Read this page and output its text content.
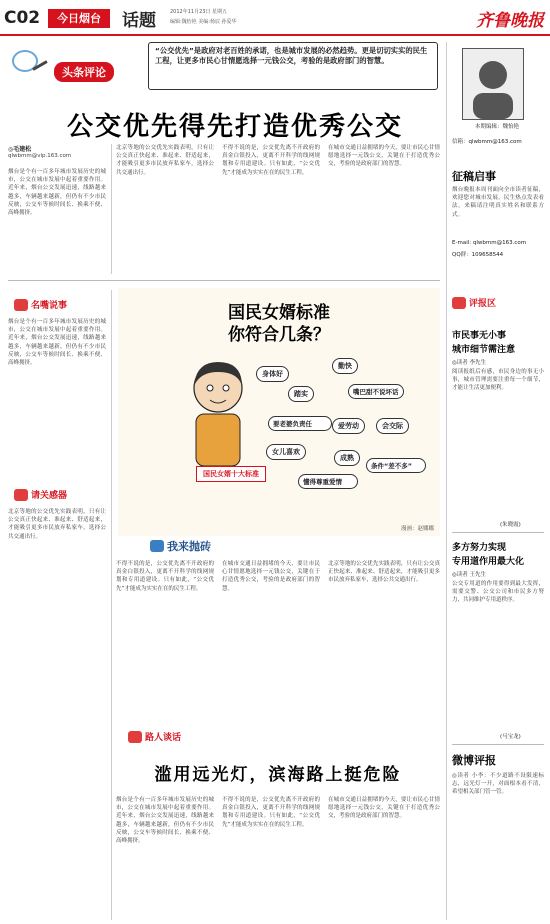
C02	今日烟台	话题	2012年11月23日 星期五
编辑:魏怡艳 美编:杨辰 孙爱华	齐鲁晚报
头条评论
“公交优先”是政府对老百姓的承诺，也是城市发展的必然趋势。更是切切实实的民生工程，让更多市民心甘情愿选择一元钱公交，考验的是政府部门的智慧。
公交优先得先打造优秀公交
◎毛建松
qlwbmm@vip.163.com
烟台是个有一百多年城市发展历史的城市，公交在城市发展中起着重要作用。近年来，烟台公交发展迅速，线路越来越多，车辆越来越新，但仍有不少市民反映，公交车等候时间长、换乘不便、高峰拥挤。
北京等地的公交优先实践表明，只有让公交真正快起来、准起来、舒适起来，才能吸引更多市民放弃私家车，选择公共交通出行。
不得不说的是，公交优先离不开政府的真金白银投入，更离不开科学的线网规划和专用道建设。只有如此，“公交优先”才能成为实实在在的民生工程。
在城市交通日益拥堵的今天，要让市民心甘情愿地选择一元钱公交，关键在于打造优秀公交，考验的是政府部门的智慧。
名嘴说事
烟台是个有一百多年城市发展历史的城市，公交在城市发展中起着重要作用。近年来，烟台公交发展迅速，线路越来越多，车辆越来越新，但仍有不少市民反映，公交车等候时间长、换乘不便、高峰拥挤。
请关感器
北京等地的公交优先实践表明，只有让公交真正快起来、准起来、舒适起来，才能吸引更多市民放弃私家车，选择公共交通出行。
国民女婿标准
你符合几条？
身体好
踏实
勤快
嘴巴甜不说坏话
要老婆负责任	爱劳动
女儿喜欢
成熟
会交际
条件“差不多”
懂得尊重爱情
国民女婿十大标准
漫画：赵娜娜
我来抛砖
不得不说的是，公交优先离不开政府的真金白银投入，更离不开科学的线网规划和专用道建设。只有如此，“公交优先”才能成为实实在在的民生工程。
在城市交通日益拥堵的今天，要让市民心甘情愿地选择一元钱公交，关键在于打造优秀公交，考验的是政府部门的智慧。
北京等地的公交优先实践表明，只有让公交真正快起来、准起来、舒适起来，才能吸引更多市民放弃私家车，选择公共交通出行。
路人谈话
滥用远光灯，滨海路上挺危险
烟台是个有一百多年城市发展历史的城市，公交在城市发展中起着重要作用。近年来，烟台公交发展迅速，线路越来越多，车辆越来越新，但仍有不少市民反映，公交车等候时间长、换乘不便、高峰拥挤。
不得不说的是，公交优先离不开政府的真金白银投入，更离不开科学的线网规划和专用道建设。只有如此，“公交优先”才能成为实实在在的民生工程。
在城市交通日益拥堵的今天，要让市民心甘情愿地选择一元钱公交，关键在于打造优秀公交，考验的是政府部门的智慧。
本期编辑：魏怡艳
信箱：qlwbmm@163.com
征稿启事
烟台晚报本周刊面向全市读者征稿，欢迎您对城市发展、民生热点发表看法。来稿请注明真实姓名和联系方式。
E-mail: qlwbmm@163.com
QQ群：109658544
评报区
市民事无小事
城市细节需注意
◎读者 李先生
阅读报纸后有感，市民身边的事无小事，城市管理需要注重每一个细节，才能让生活更加便利。
(朱晓霞)
多方努力实现
专用道作用最大化
◎读者 王先生
公交专用道的作用要得到最大发挥，需要交警、公交公司和市民多方努力，共同维护专用道秩序。
(马宝龙)
微博评报
◎读者 小李：不少道路不设限速标志，远光灯一开，对面根本看不清，希望相关部门管一管。
